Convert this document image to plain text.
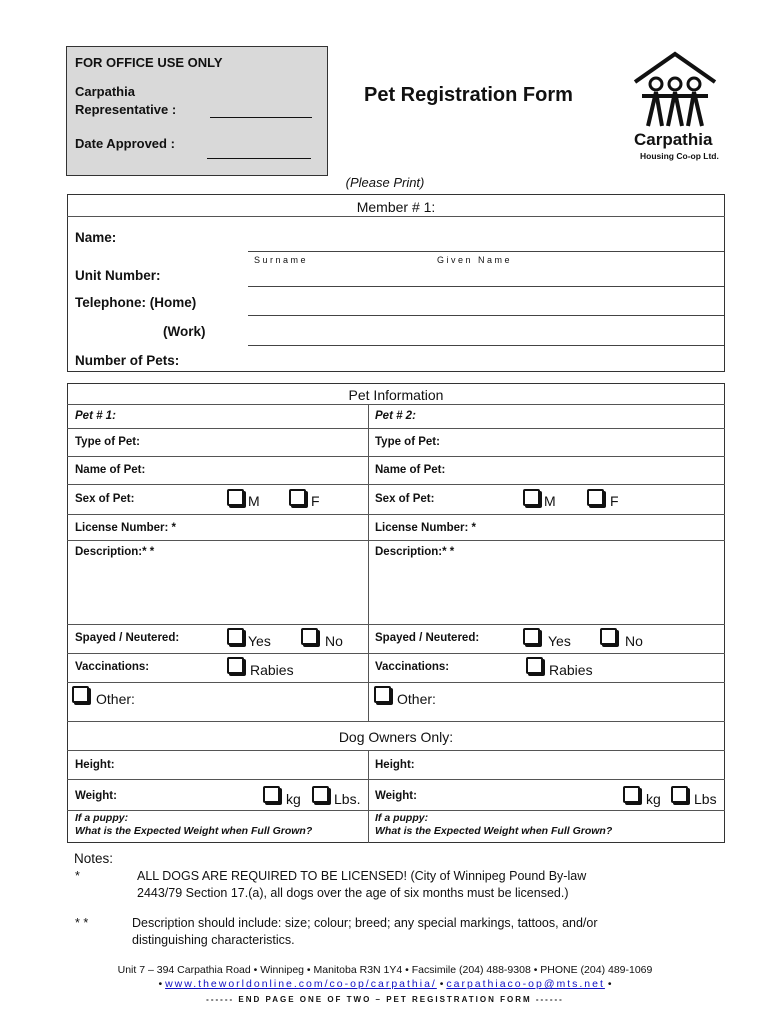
FOR OFFICE USE ONLY
Carpathia
Representative :
Date Approved :
Pet Registration Form
Carpathia
Housing Co-op Ltd.
(Please Print)
Member # 1:
Name:
Surname	Given Name
Unit Number:
Telephone: (Home)
(Work)
Number of Pets:
Pet Information
Pet # 1:	Pet # 2:
Type of Pet:	Type of Pet:
Name of Pet:	Name of Pet:
Sex of Pet:	M	F	Sex of Pet:	M	F
License Number: *	License Number: *
Description:* *	Description:* *
Spayed / Neutered:	Yes	No	Spayed / Neutered:	Yes	No
Vaccinations:	Rabies	Vaccinations:	Rabies
Other:	Other:
Dog Owners Only:
Height:	Height:
Weight:	kg Lbs. Weight:	kg Lbs
If a puppy:
What is the Expected Weight when Full Grown?
If a puppy:
What is the Expected Weight when Full Grown?
Notes:
*	ALL DOGS ARE REQUIRED TO BE LICENSED! (City of Winnipeg Pound By-law
2443/79 Section 17.(a), all dogs over the age of six months must be licensed.)
* *	Description should include: size; colour; breed; any special markings, tattoos, and/or
distinguishing characteristics.
Unit 7 – 394 Carpathia Road • Winnipeg • Manitoba R3N 1Y4 • Facsimile (204) 488-9308 • PHONE (204) 489-1069
• www.theworldonline.com/co-op/carpathia/ • carpathiaco-op@mts.net •
------ END PAGE ONE OF TWO – PET REGISTRATION FORM ------
